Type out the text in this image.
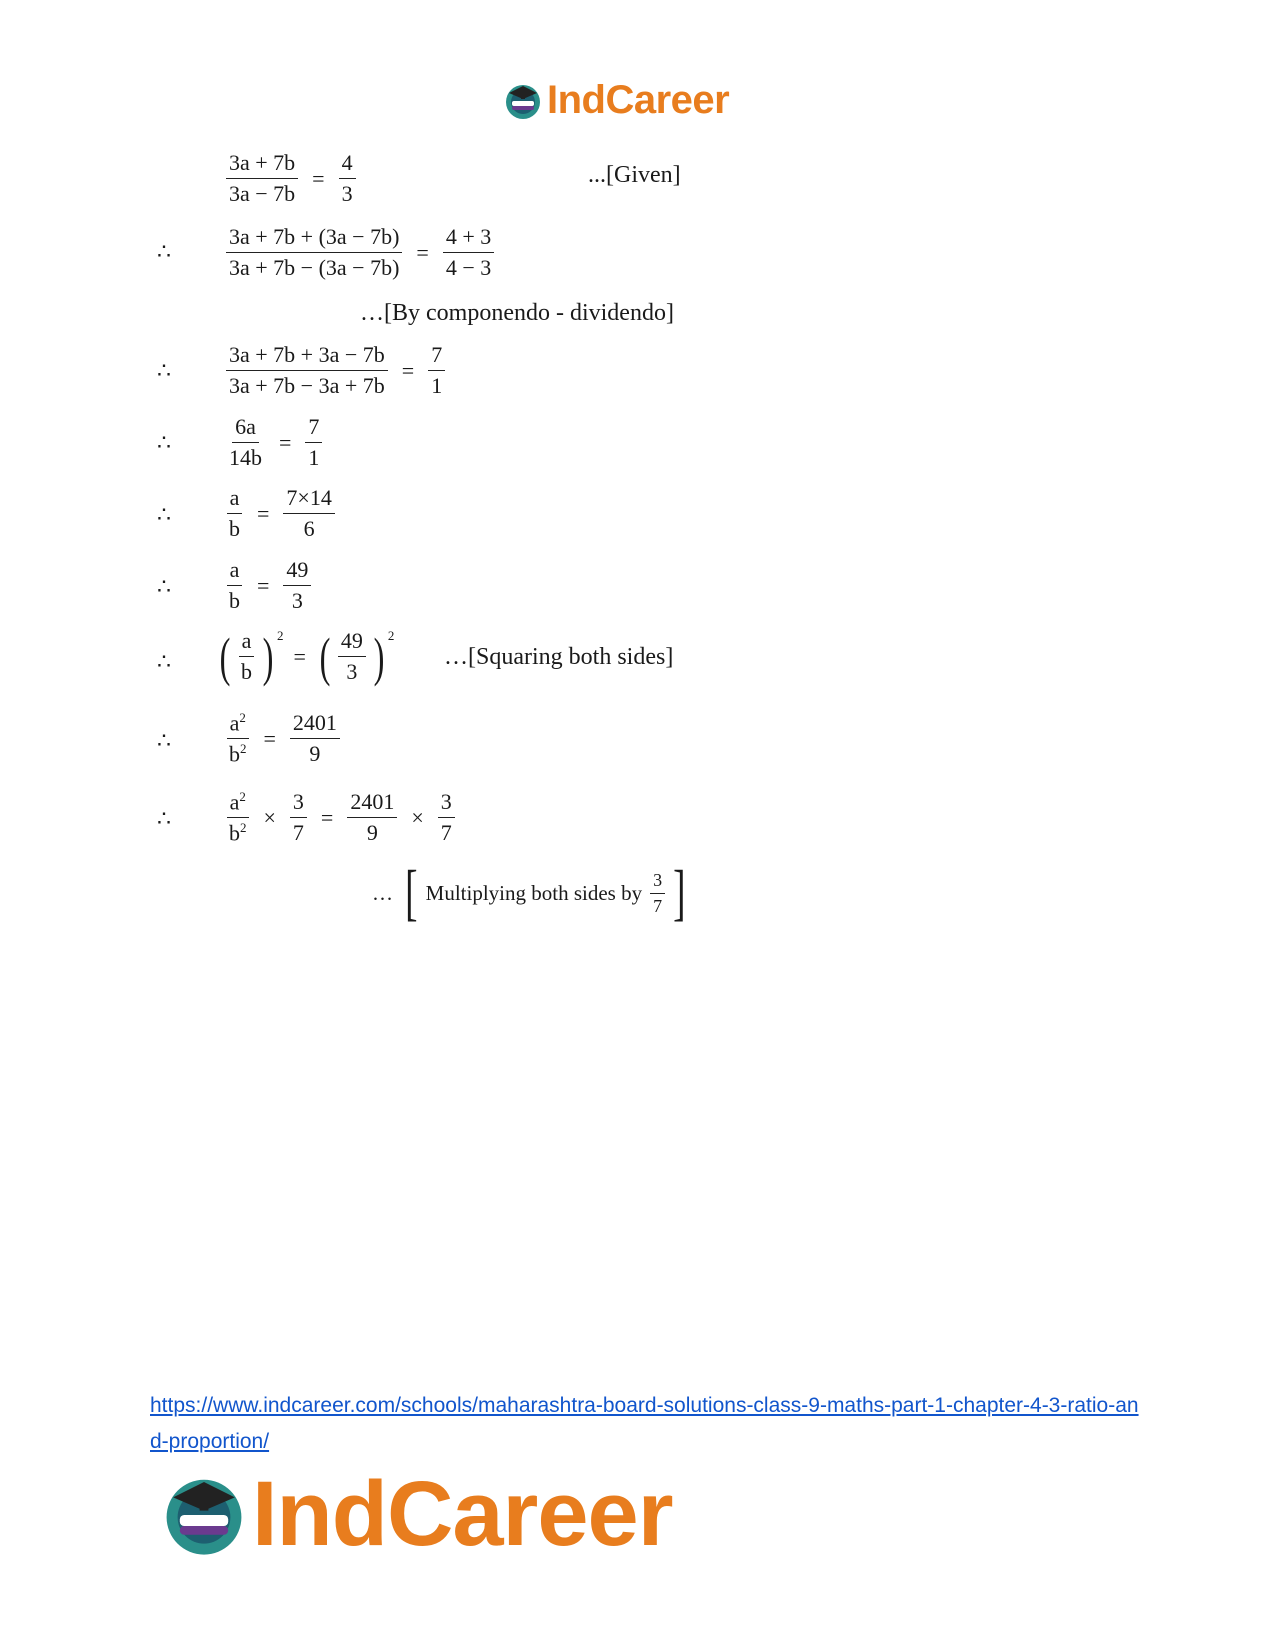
IndCareer
$\frac{3a + 7b}{3a - 7b} = \frac{4}{3}$	...[Given]
∴	$\frac{3a + 7b + (3a - 7b)}{3a + 7b - (3a - 7b)} = \frac{4 + 3}{4 - 3}$
…[By componendo - dividendo]
∴	$\frac{3a + 7b + 3a - 7b}{3a + 7b - 3a + 7b} = \frac{7}{1}$
∴	$\frac{6a}{14b} = \frac{7}{1}$
∴	$\frac{a}{b} = \frac{7\times 14}{6}$
∴	$\frac{a}{b} = \frac{49}{3}$
∴ ( $\frac{a}{b}$ ) $^2$
= ( $\frac{49}{3}$ ) $^2$
…[Squaring both sides]
∴	$\frac{a^2}{b^2} = \frac{2401}{9}$
∴	$\frac{a^2}{b^2} \times \frac{3}{7} = \frac{2401}{9} \times \frac{3}{7}$
… [ Multiplying both sides by $\frac{3}{7}$ ]
https://www.indcareer.com/schools/maharashtra-board-solutions-class-9-maths-part-1-chapter-4-3-ratio-and-proportion/
IndCareer
